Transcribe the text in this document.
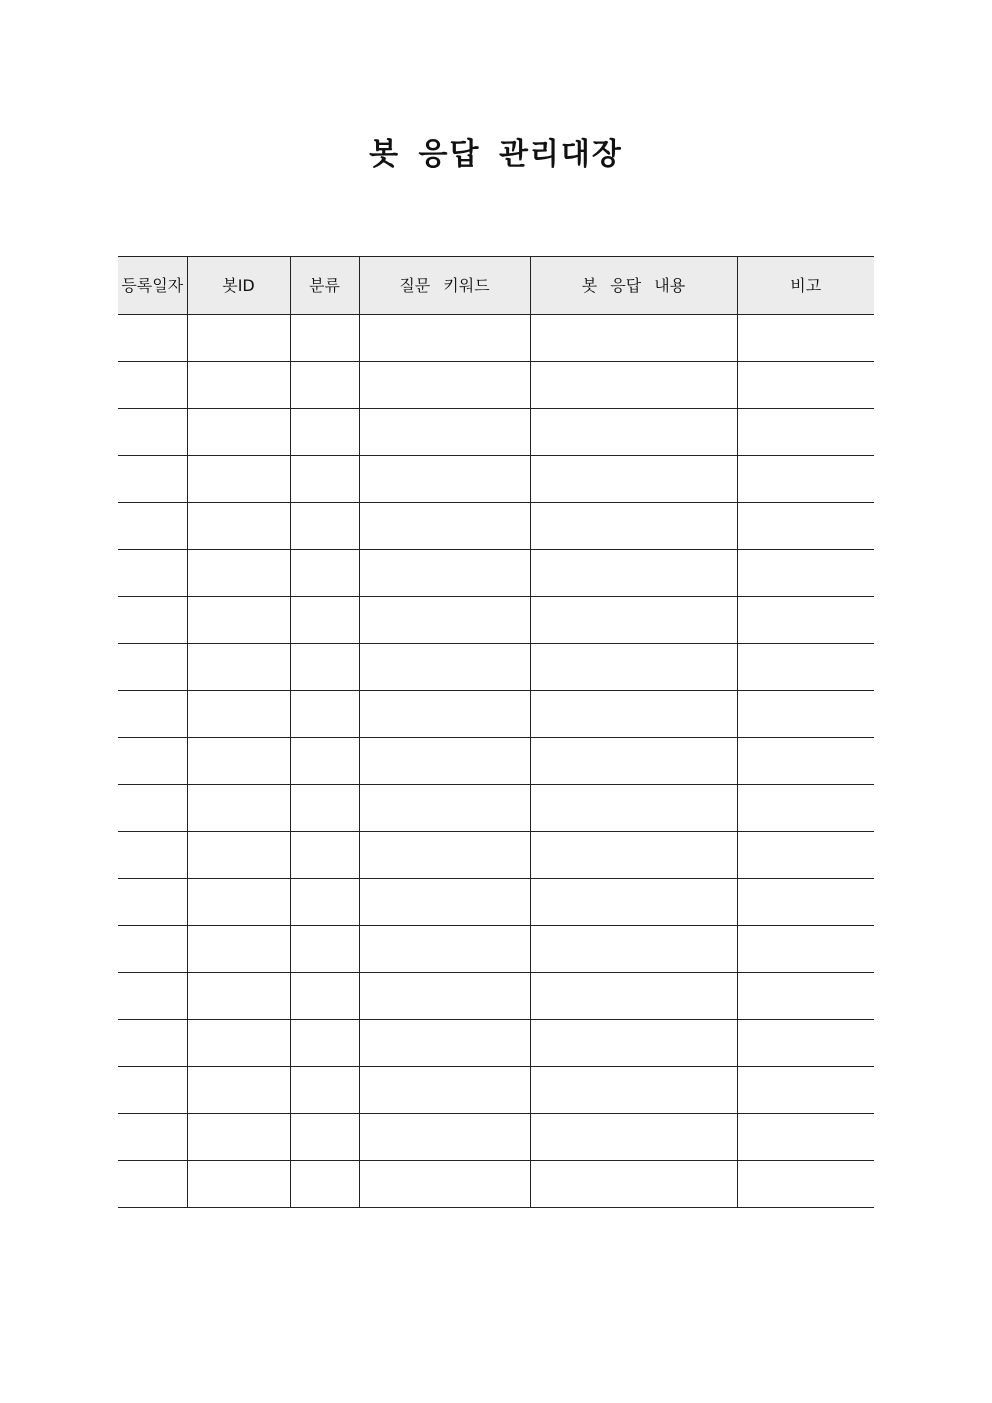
봇 응답 관리대장
등록일자	봇ID	분류	질문 키워드	봇 응답 내용	비고
